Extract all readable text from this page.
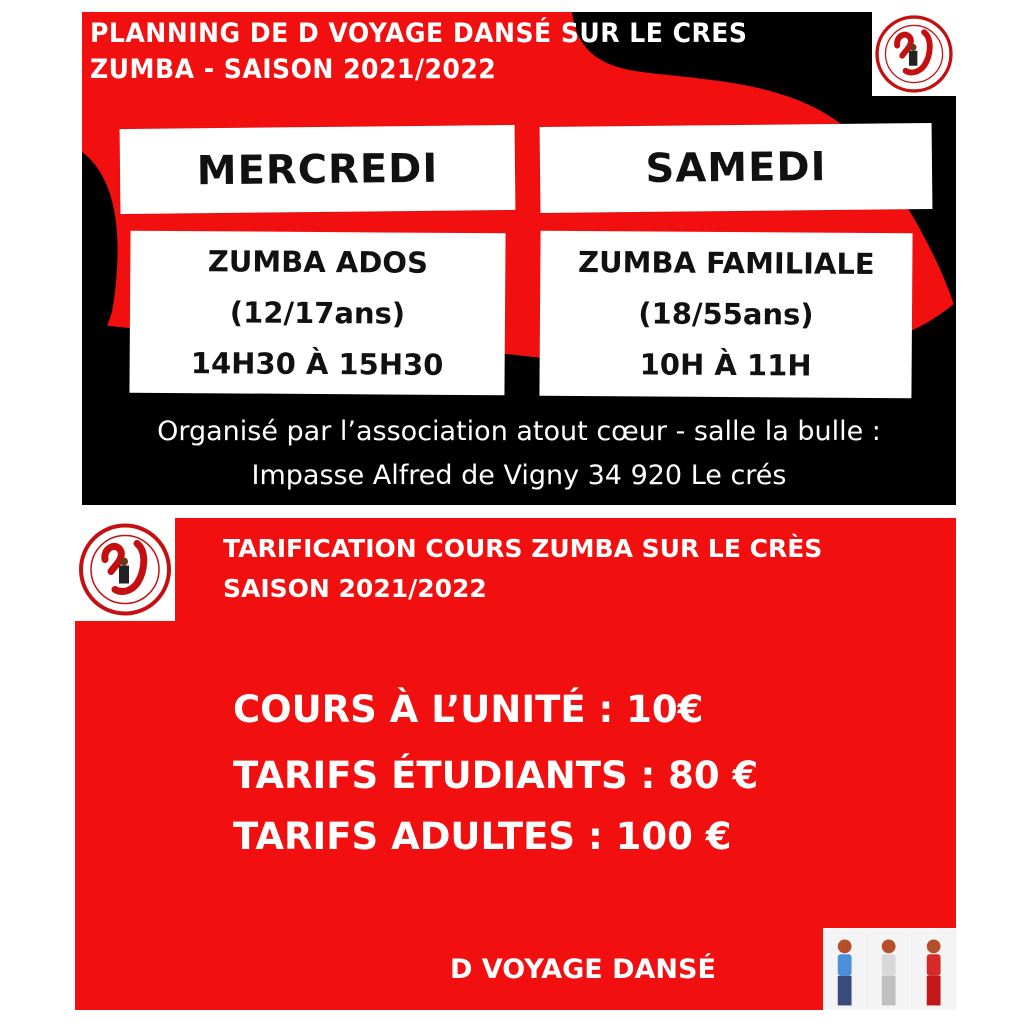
PLANNING DE D VOYAGE DANSÉ SUR LE CRES
ZUMBA - SAISON 2021/2022
MERCREDI	SAMEDI
ZUMBA ADOS
(12/17ans)
14H30 À 15H30
ZUMBA FAMILIALE
(18/55ans)
10H À 11H
Organisé par l’association atout cœur - salle la bulle :
Impasse Alfred de Vigny 34 920 Le crés
TARIFICATION COURS ZUMBA SUR LE CRÈS
SAISON 2021/2022
COURS À L’UNITÉ : 10€
TARIFS ÉTUDIANTS : 80 €
TARIFS ADULTES : 100 €
D VOYAGE DANSÉ
